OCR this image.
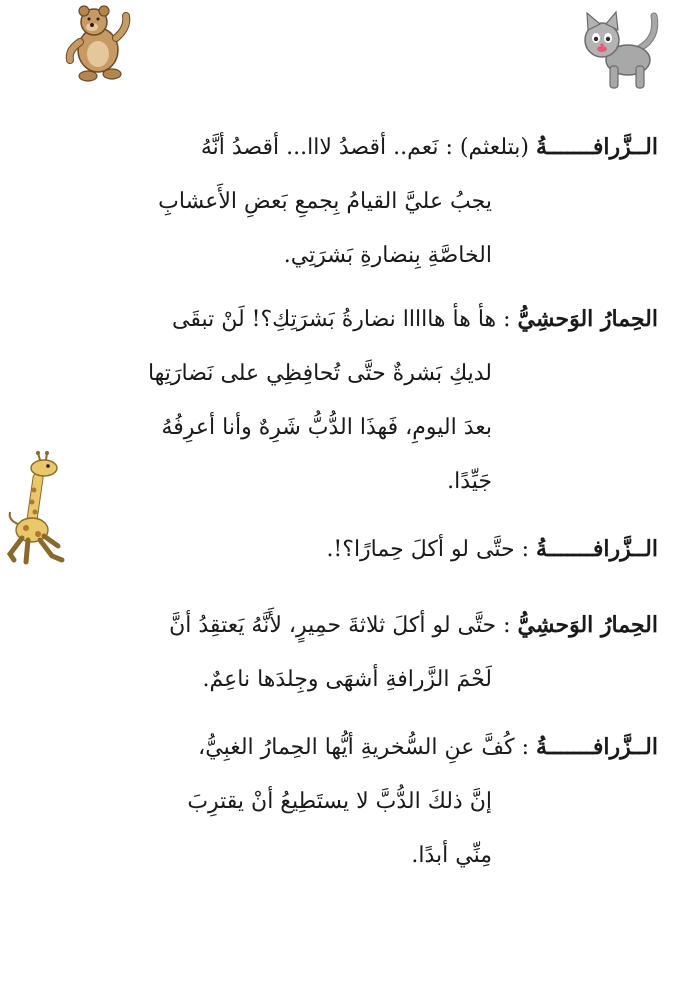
الــزَّرافـــــــةُ (بتلعثم) : نَعم.. أقصدُ لااا... أقصدُ أنَّهُ

يجبُ عليَّ القيامُ بِجمعِ بَعضِ الأَعشابِ

الخاصَّةِ بِنضارةِ بَشرَتِي.

الحِمارُ الوَحشِيُّ : هأ هأ هااااا نضارةُ بَشرَتِكِ؟! لَنْ تبقَى

لديكِ بَشرةٌ حتَّى تُحافِظِي على نَضارَتِها

بعدَ اليومِ، فَهذَا الدُّبُّ شَرِهٌ وأنا أعرِفُهُ

جَيِّدًا.

الــزَّرافـــــــةُ : حتَّى لو أكلَ حِمارًا؟!.

الحِمارُ الوَحشِيُّ : حتَّى لو أكلَ ثلاثةَ حمِيرٍ، لأَنَّهُ يَعتقِدُ أنَّ

لَحْمَ الزَّرافةِ أشهَى وجِلدَها ناعِمٌ.

الــزَّرافـــــــةُ : كُفَّ عنِ السُّخريةِ أيُّها الحِمارُ الغبِيُّ،

إنَّ ذلكَ الدُّبَّ لا يستَطِيعُ أنْ يقترِبَ

مِنِّي أبدًا.
